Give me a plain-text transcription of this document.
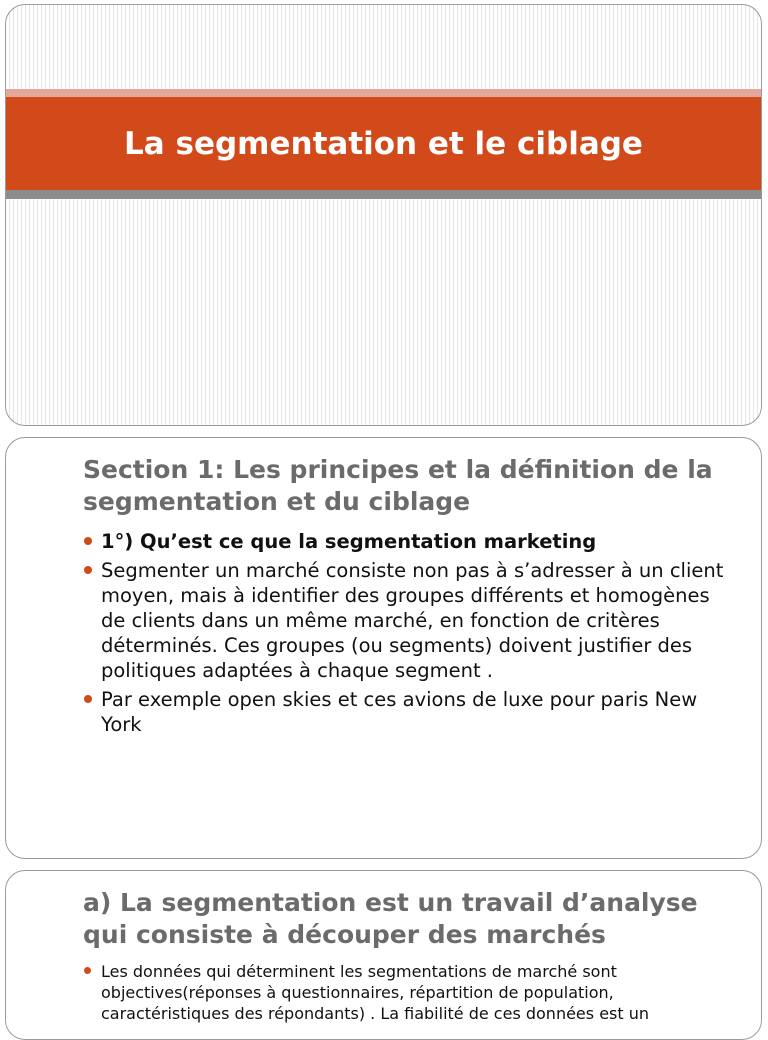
La segmentation et le ciblage
Section 1: Les principes et la définition de la segmentation et du ciblage
1°) Qu’est ce que la segmentation marketing
Segmenter un marché consiste non pas à s’adresser à un client moyen, mais à identifier des groupes différents et homogènes de clients dans un même marché, en fonction de critères déterminés. Ces groupes (ou segments) doivent justifier des politiques adaptées à chaque segment .
Par exemple open skies et ces avions de luxe pour paris New York
a) La segmentation est un travail d’analyse qui consiste à découper des marchés
Les données qui déterminent les segmentations de marché sont objectives(réponses à questionnaires, répartition de population, caractéristiques des répondants) . La fiabilité de ces données est un
